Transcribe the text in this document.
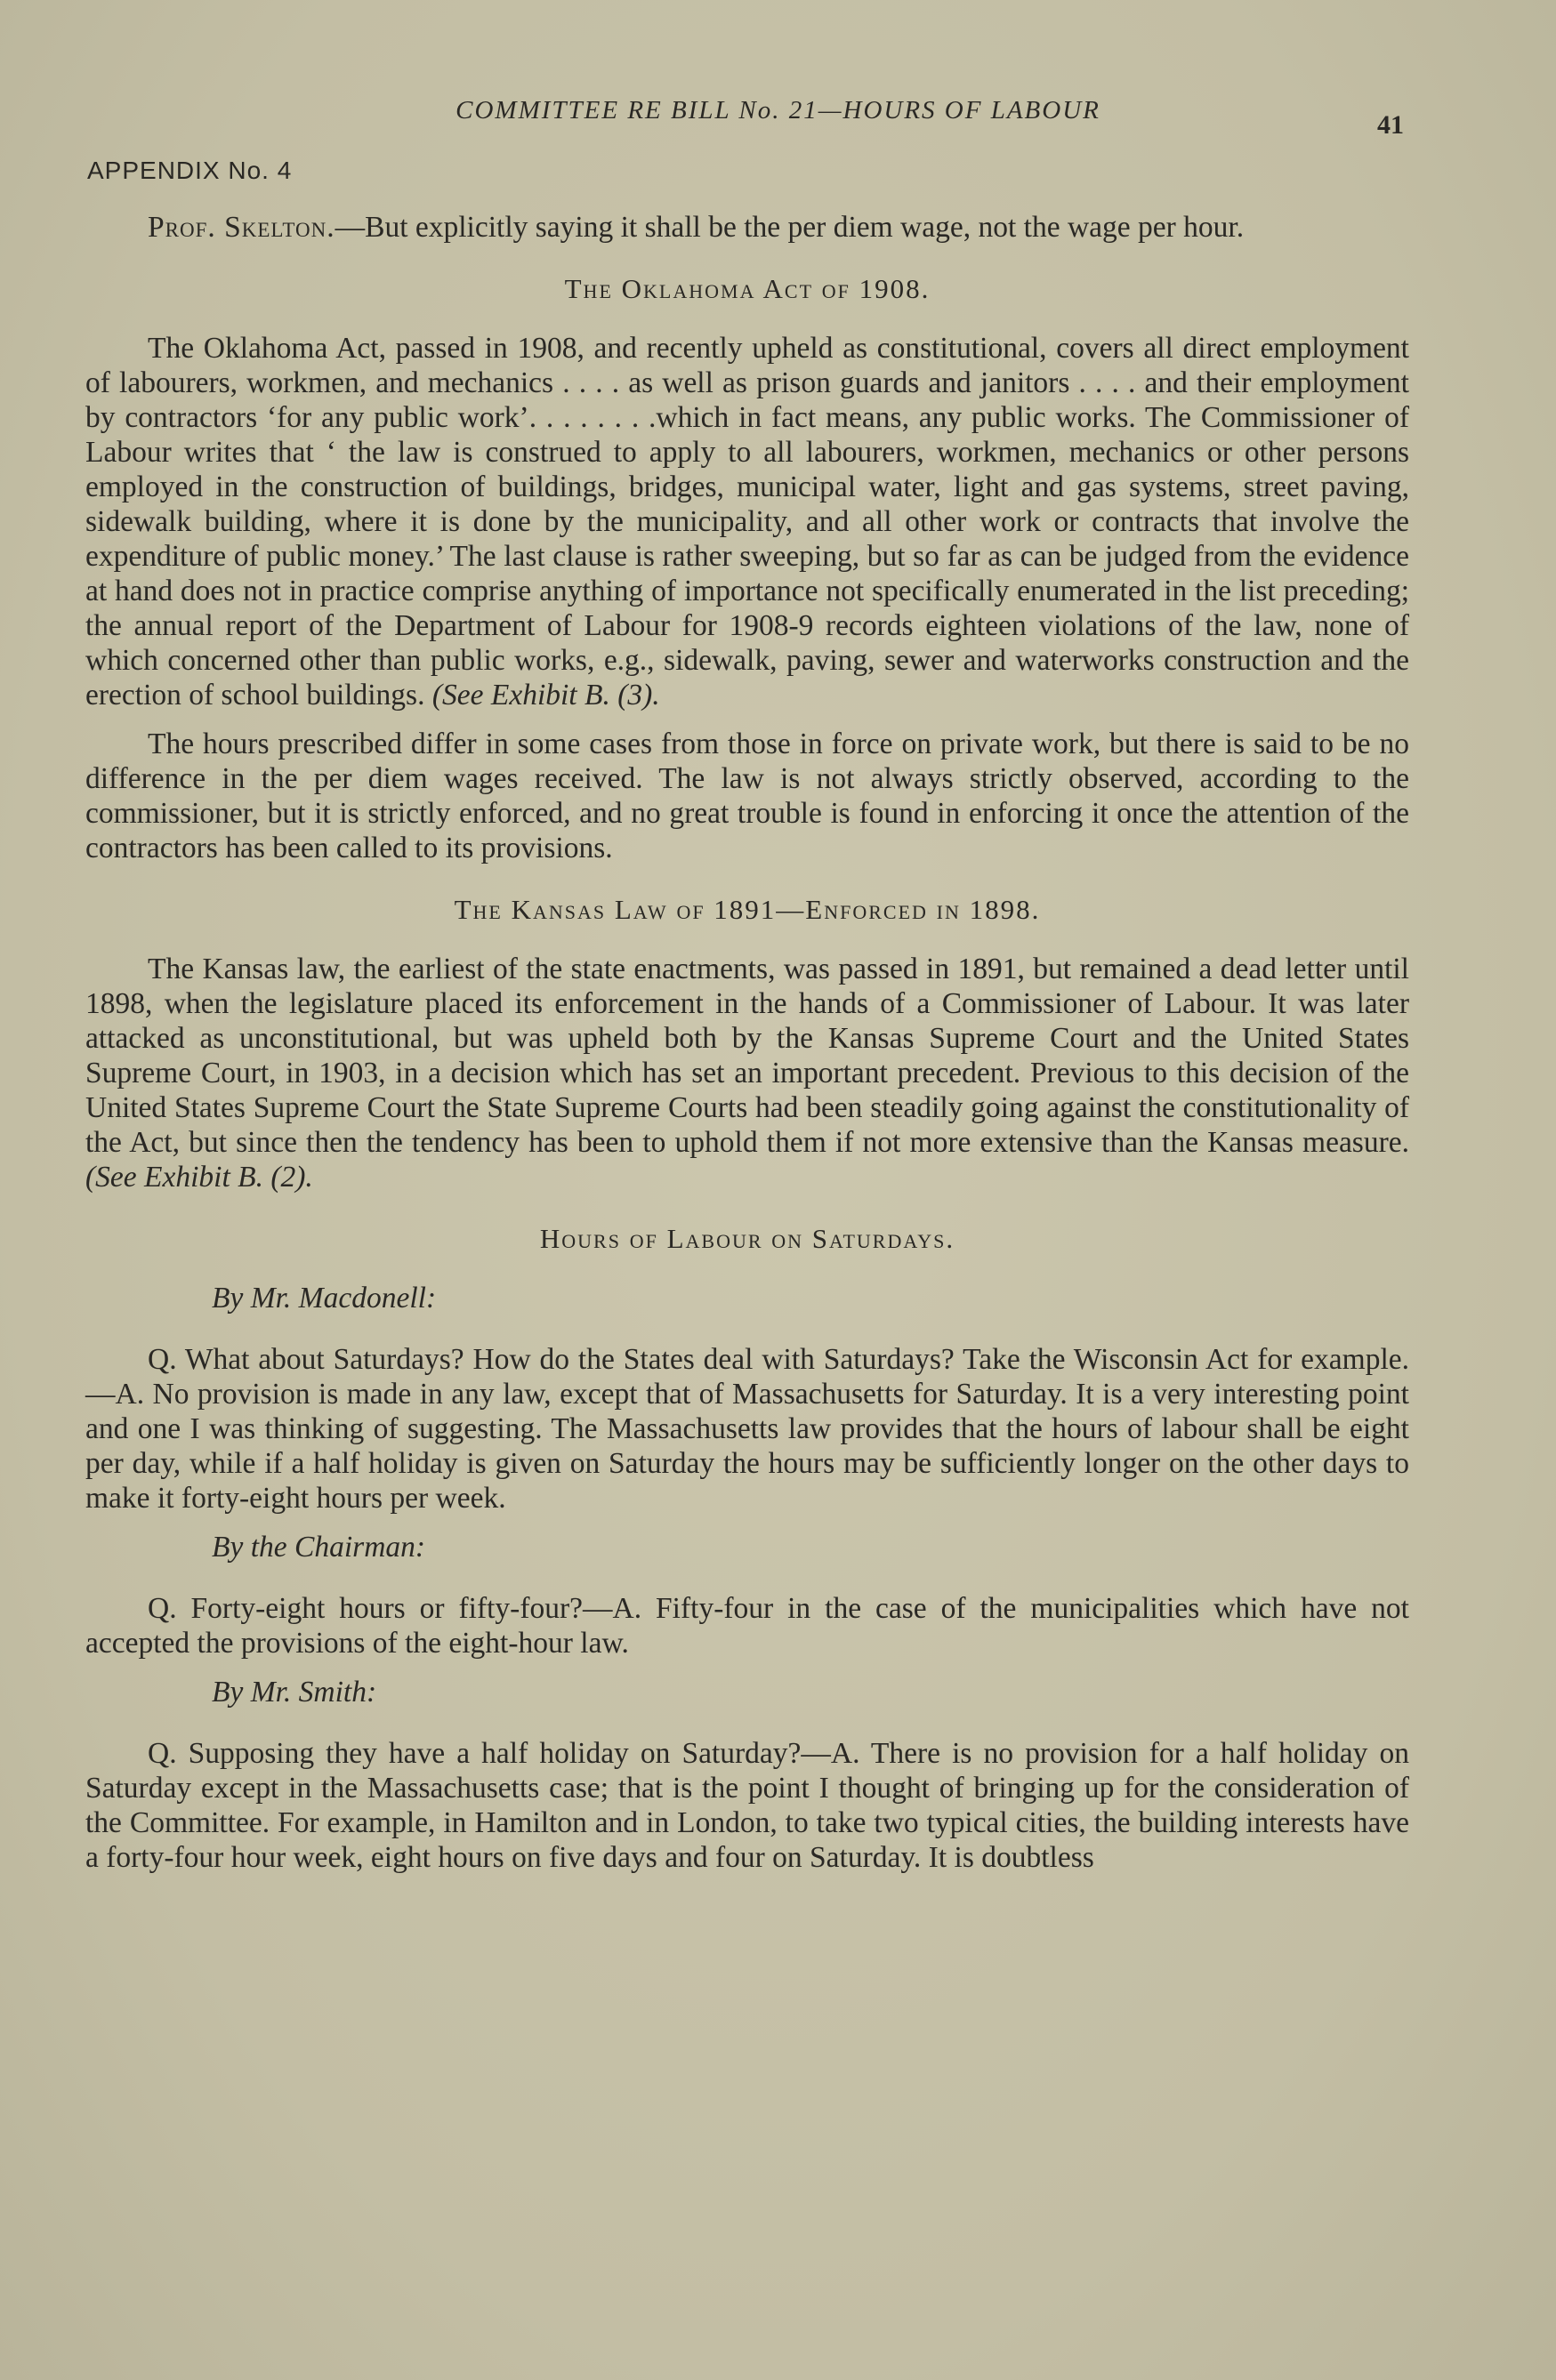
COMMITTEE RE BILL No. 21—HOURS OF LABOUR	41
APPENDIX No. 4

Prof. Skelton.—But explicitly saying it shall be the per diem wage, not the wage per hour.

The Oklahoma Act of 1908.

The Oklahoma Act, passed in 1908, and recently upheld as constitutional, covers all direct employment of labourers, workmen, and mechanics . . . . as well as prison guards and janitors . . . . and their employment by contractors ‘for any public work’. . . . . . . .which in fact means, any public works. The Commissioner of Labour writes that ‘ the law is construed to apply to all labourers, workmen, mechanics or other persons employed in the construction of buildings, bridges, municipal water, light and gas systems, street paving, sidewalk building, where it is done by the municipality, and all other work or contracts that involve the expenditure of public money.’ The last clause is rather sweeping, but so far as can be judged from the evidence at hand does not in practice comprise anything of importance not specifically enumerated in the list preceding; the annual report of the Department of Labour for 1908-9 records eighteen violations of the law, none of which concerned other than public works, e.g., sidewalk, paving, sewer and waterworks construction and the erection of school buildings. (See Exhibit B. (3).

The hours prescribed differ in some cases from those in force on private work, but there is said to be no difference in the per diem wages received. The law is not always strictly observed, according to the commissioner, but it is strictly enforced, and no great trouble is found in enforcing it once the attention of the contractors has been called to its provisions.

The Kansas Law of 1891—Enforced in 1898.

The Kansas law, the earliest of the state enactments, was passed in 1891, but remained a dead letter until 1898, when the legislature placed its enforcement in the hands of a Commissioner of Labour. It was later attacked as unconstitutional, but was upheld both by the Kansas Supreme Court and the United States Supreme Court, in 1903, in a decision which has set an important precedent. Previous to this decision of the United States Supreme Court the State Supreme Courts had been steadily going against the constitutionality of the Act, but since then the tendency has been to uphold them if not more extensive than the Kansas measure. (See Exhibit B. (2).

Hours of Labour on Saturdays.
By Mr. Macdonell:

Q. What about Saturdays? How do the States deal with Saturdays? Take the Wisconsin Act for example.—A. No provision is made in any law, except that of Massachusetts for Saturday. It is a very interesting point and one I was thinking of suggesting. The Massachusetts law provides that the hours of labour shall be eight per day, while if a half holiday is given on Saturday the hours may be sufficiently longer on the other days to make it forty-eight hours per week.

By the Chairman:

Q. Forty-eight hours or fifty-four?—A. Fifty-four in the case of the municipalities which have not accepted the provisions of the eight-hour law.

By Mr. Smith:

Q. Supposing they have a half holiday on Saturday?—A. There is no provision for a half holiday on Saturday except in the Massachusetts case; that is the point I thought of bringing up for the consideration of the Committee. For example, in Hamilton and in London, to take two typical cities, the building interests have a forty-four hour week, eight hours on five days and four on Saturday. It is doubtless
